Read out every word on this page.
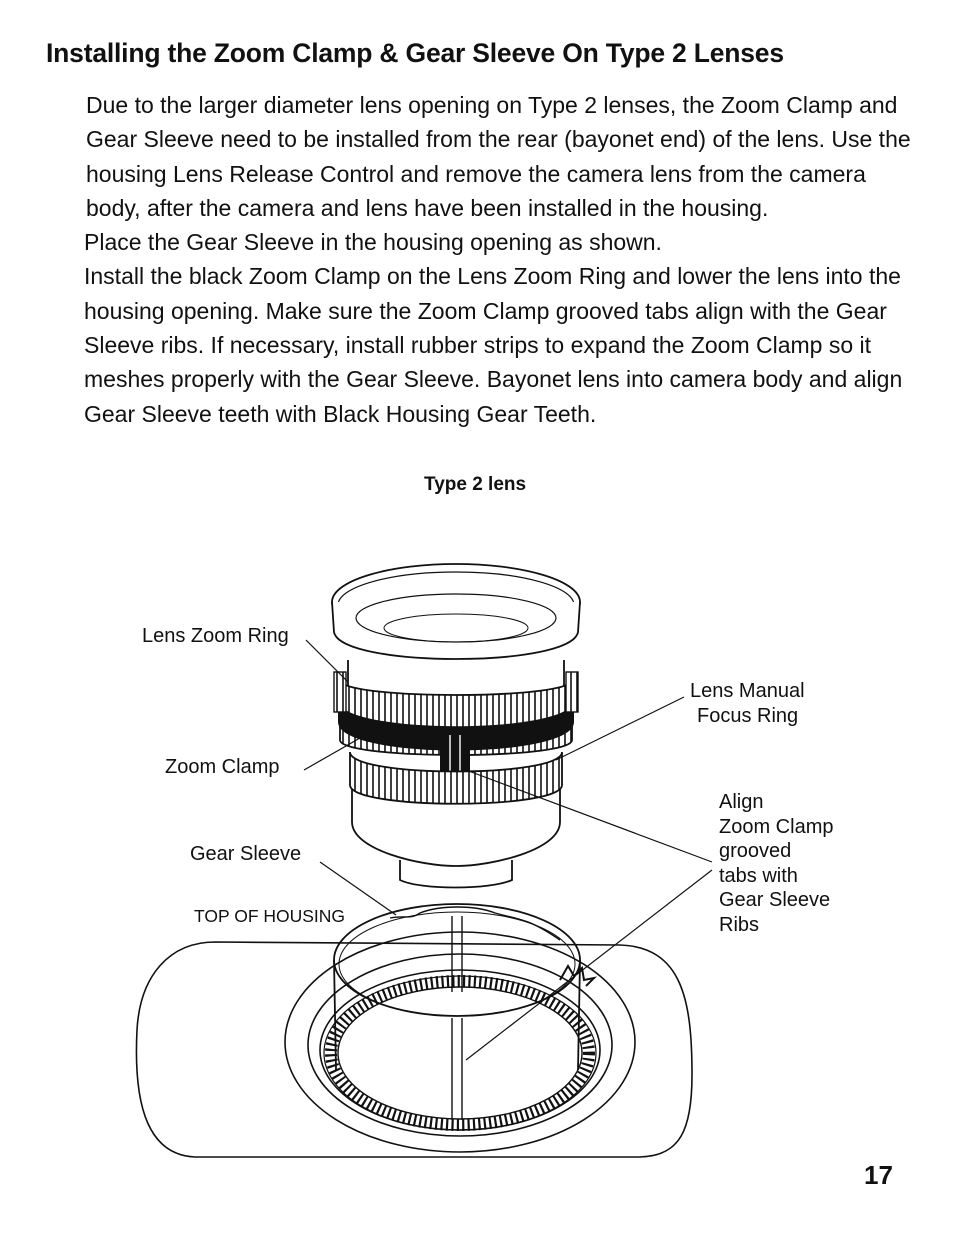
Installing the Zoom Clamp & Gear Sleeve On Type 2 Lenses

Due to the larger diameter lens opening on Type 2 lenses, the Zoom Clamp and Gear Sleeve need to be installed from the rear (bayonet end) of the lens. Use the housing Lens Release Control and remove the camera lens from the camera body, after the camera and lens have been installed in the housing.

Place the Gear Sleeve in the housing opening as shown.

Install the black Zoom Clamp on the Lens Zoom Ring and lower the lens into the housing opening. Make sure the Zoom Clamp grooved tabs align with the Gear Sleeve ribs. If necessary, install rubber strips to expand the Zoom Clamp so it meshes properly with the Gear Sleeve. Bayonet lens into camera body and align Gear Sleeve teeth with Black Housing Gear Teeth.

Type 2 lens
Lens Zoom Ring
Lens Manual
Focus Ring
Zoom Clamp
Align
Zoom Clamp
grooved
tabs with
Gear Sleeve
Ribs
Gear Sleeve
TOP OF HOUSING
17
